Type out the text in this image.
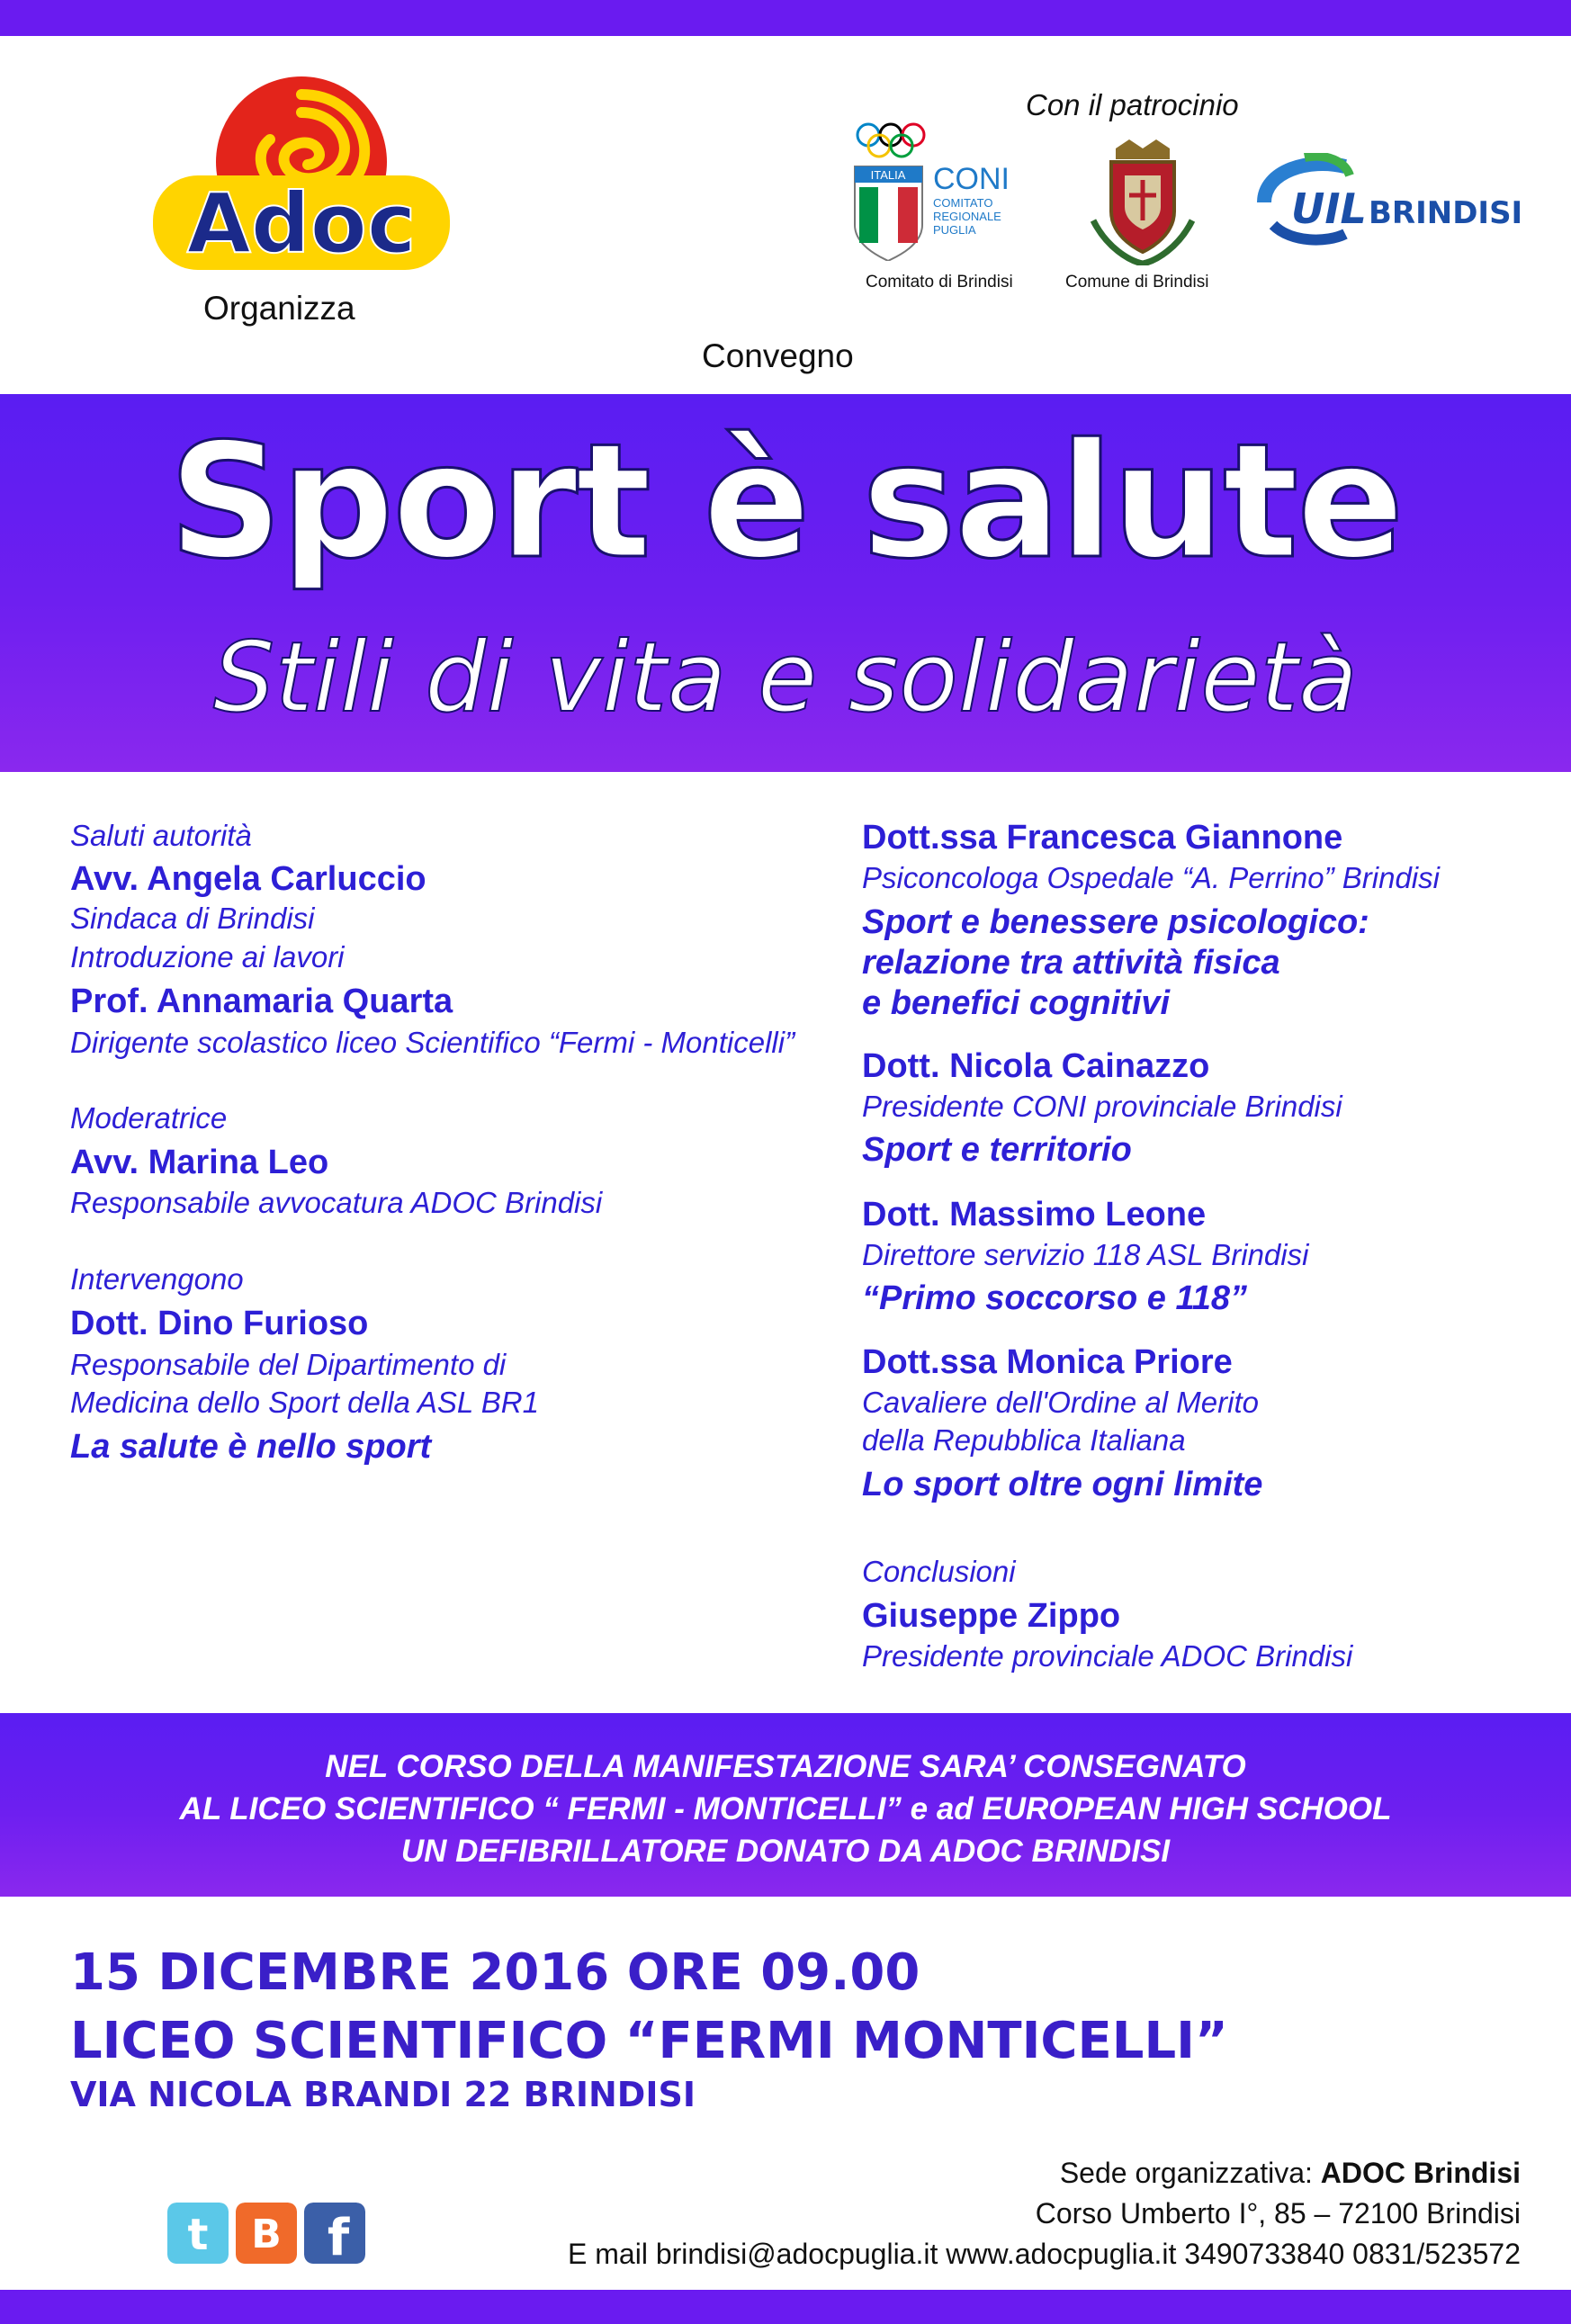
Adoc
Organizza
Convegno
Con il patrocinio
ITALIA CONI
COMITATO
REGIONALE
PUGLIA
Comitato di Brindisi	Comune di Brindisi
UIL BRINDISI
Sport è salute
Stili di vita e solidarietà
Saluti autorità
Avv. Angela Carluccio
Sindaca di Brindisi
Introduzione ai lavori
Prof. Annamaria Quarta
Dirigente scolastico liceo Scientifico “Fermi - Monticelli”
Moderatrice
Avv. Marina Leo
Responsabile avvocatura ADOC Brindisi
Intervengono
Dott. Dino Furioso
Responsabile del Dipartimento di
Medicina dello Sport della ASL BR1
La salute è nello sport
Dott.ssa Francesca Giannone
Psiconcologa Ospedale “A. Perrino” Brindisi
Sport e benessere psicologico:
relazione tra attività fisica
e benefici cognitivi
Dott. Nicola Cainazzo
Presidente CONI provinciale Brindisi
Sport e territorio
Dott. Massimo Leone
Direttore servizio 118 ASL Brindisi
“Primo soccorso e 118”
Dott.ssa Monica Priore
Cavaliere dell'Ordine al Merito
della Repubblica Italiana
Lo sport oltre ogni limite
Conclusioni
Giuseppe Zippo
Presidente provinciale ADOC Brindisi
NEL CORSO DELLA MANIFESTAZIONE SARA’ CONSEGNATO
AL LICEO SCIENTIFICO “ FERMI - MONTICELLI” e ad EUROPEAN HIGH SCHOOL
UN DEFIBRILLATORE DONATO DA ADOC BRINDISI
15 DICEMBRE 2016 ORE 09.00
LICEO SCIENTIFICO “FERMI MONTICELLI”
VIA NICOLA BRANDI 22 BRINDISI
Sede organizzativa: ADOC Brindisi
Corso Umberto I°, 85 – 72100 Brindisi
E mail brindisi@adocpuglia.it www.adocpuglia.it 3490733840 0831/523572
t B f
